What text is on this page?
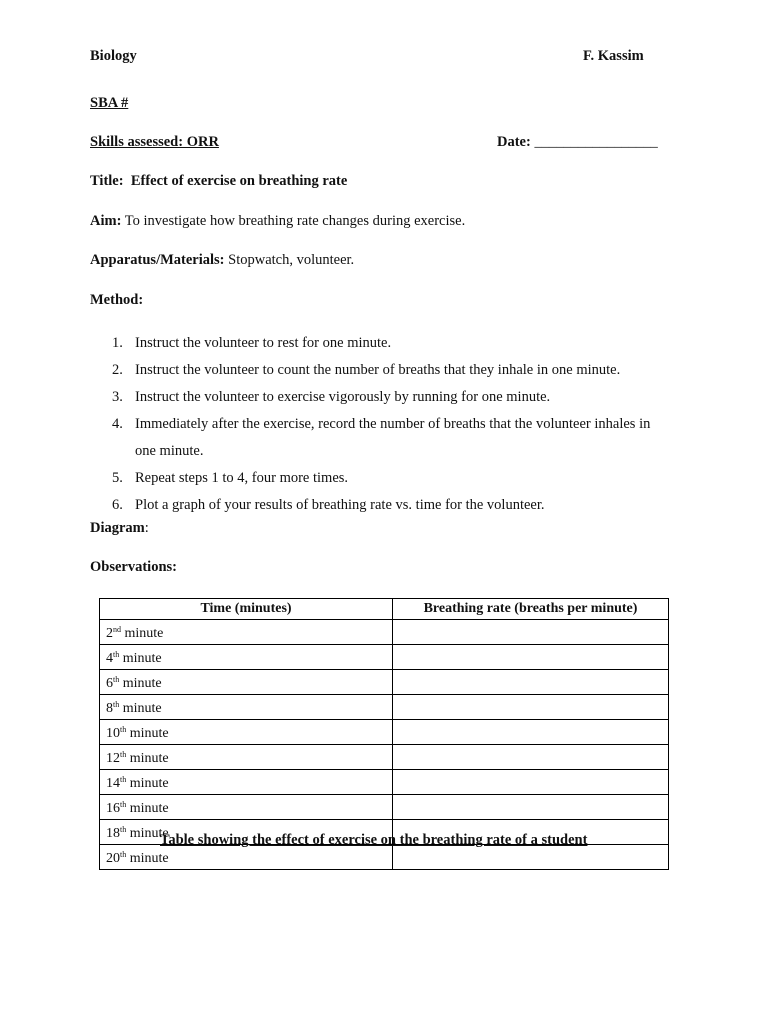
Biology	F. Kassim
SBA #
Skills assessed: ORR	Date: _________________
Title: Effect of exercise on breathing rate
Aim: To investigate how breathing rate changes during exercise.
Apparatus/Materials: Stopwatch, volunteer.
Method:
1. Instruct the volunteer to rest for one minute.
2. Instruct the volunteer to count the number of breaths that they inhale in one minute.
3. Instruct the volunteer to exercise vigorously by running for one minute.
4. Immediately after the exercise, record the number of breaths that the volunteer inhales in
one minute.
5. Repeat steps 1 to 4, four more times.
6. Plot a graph of your results of breathing rate vs. time for the volunteer.
Diagram:
Observations:
Time (minutes)	Breathing rate (breaths per minute)
2nd minute	
4th minute	
6th minute	
8th minute	
10th minute	
12th minute	
14th minute	
16th minute	
18th minute	
20th minute	
Table showing the effect of exercise on the breathing rate of a student
